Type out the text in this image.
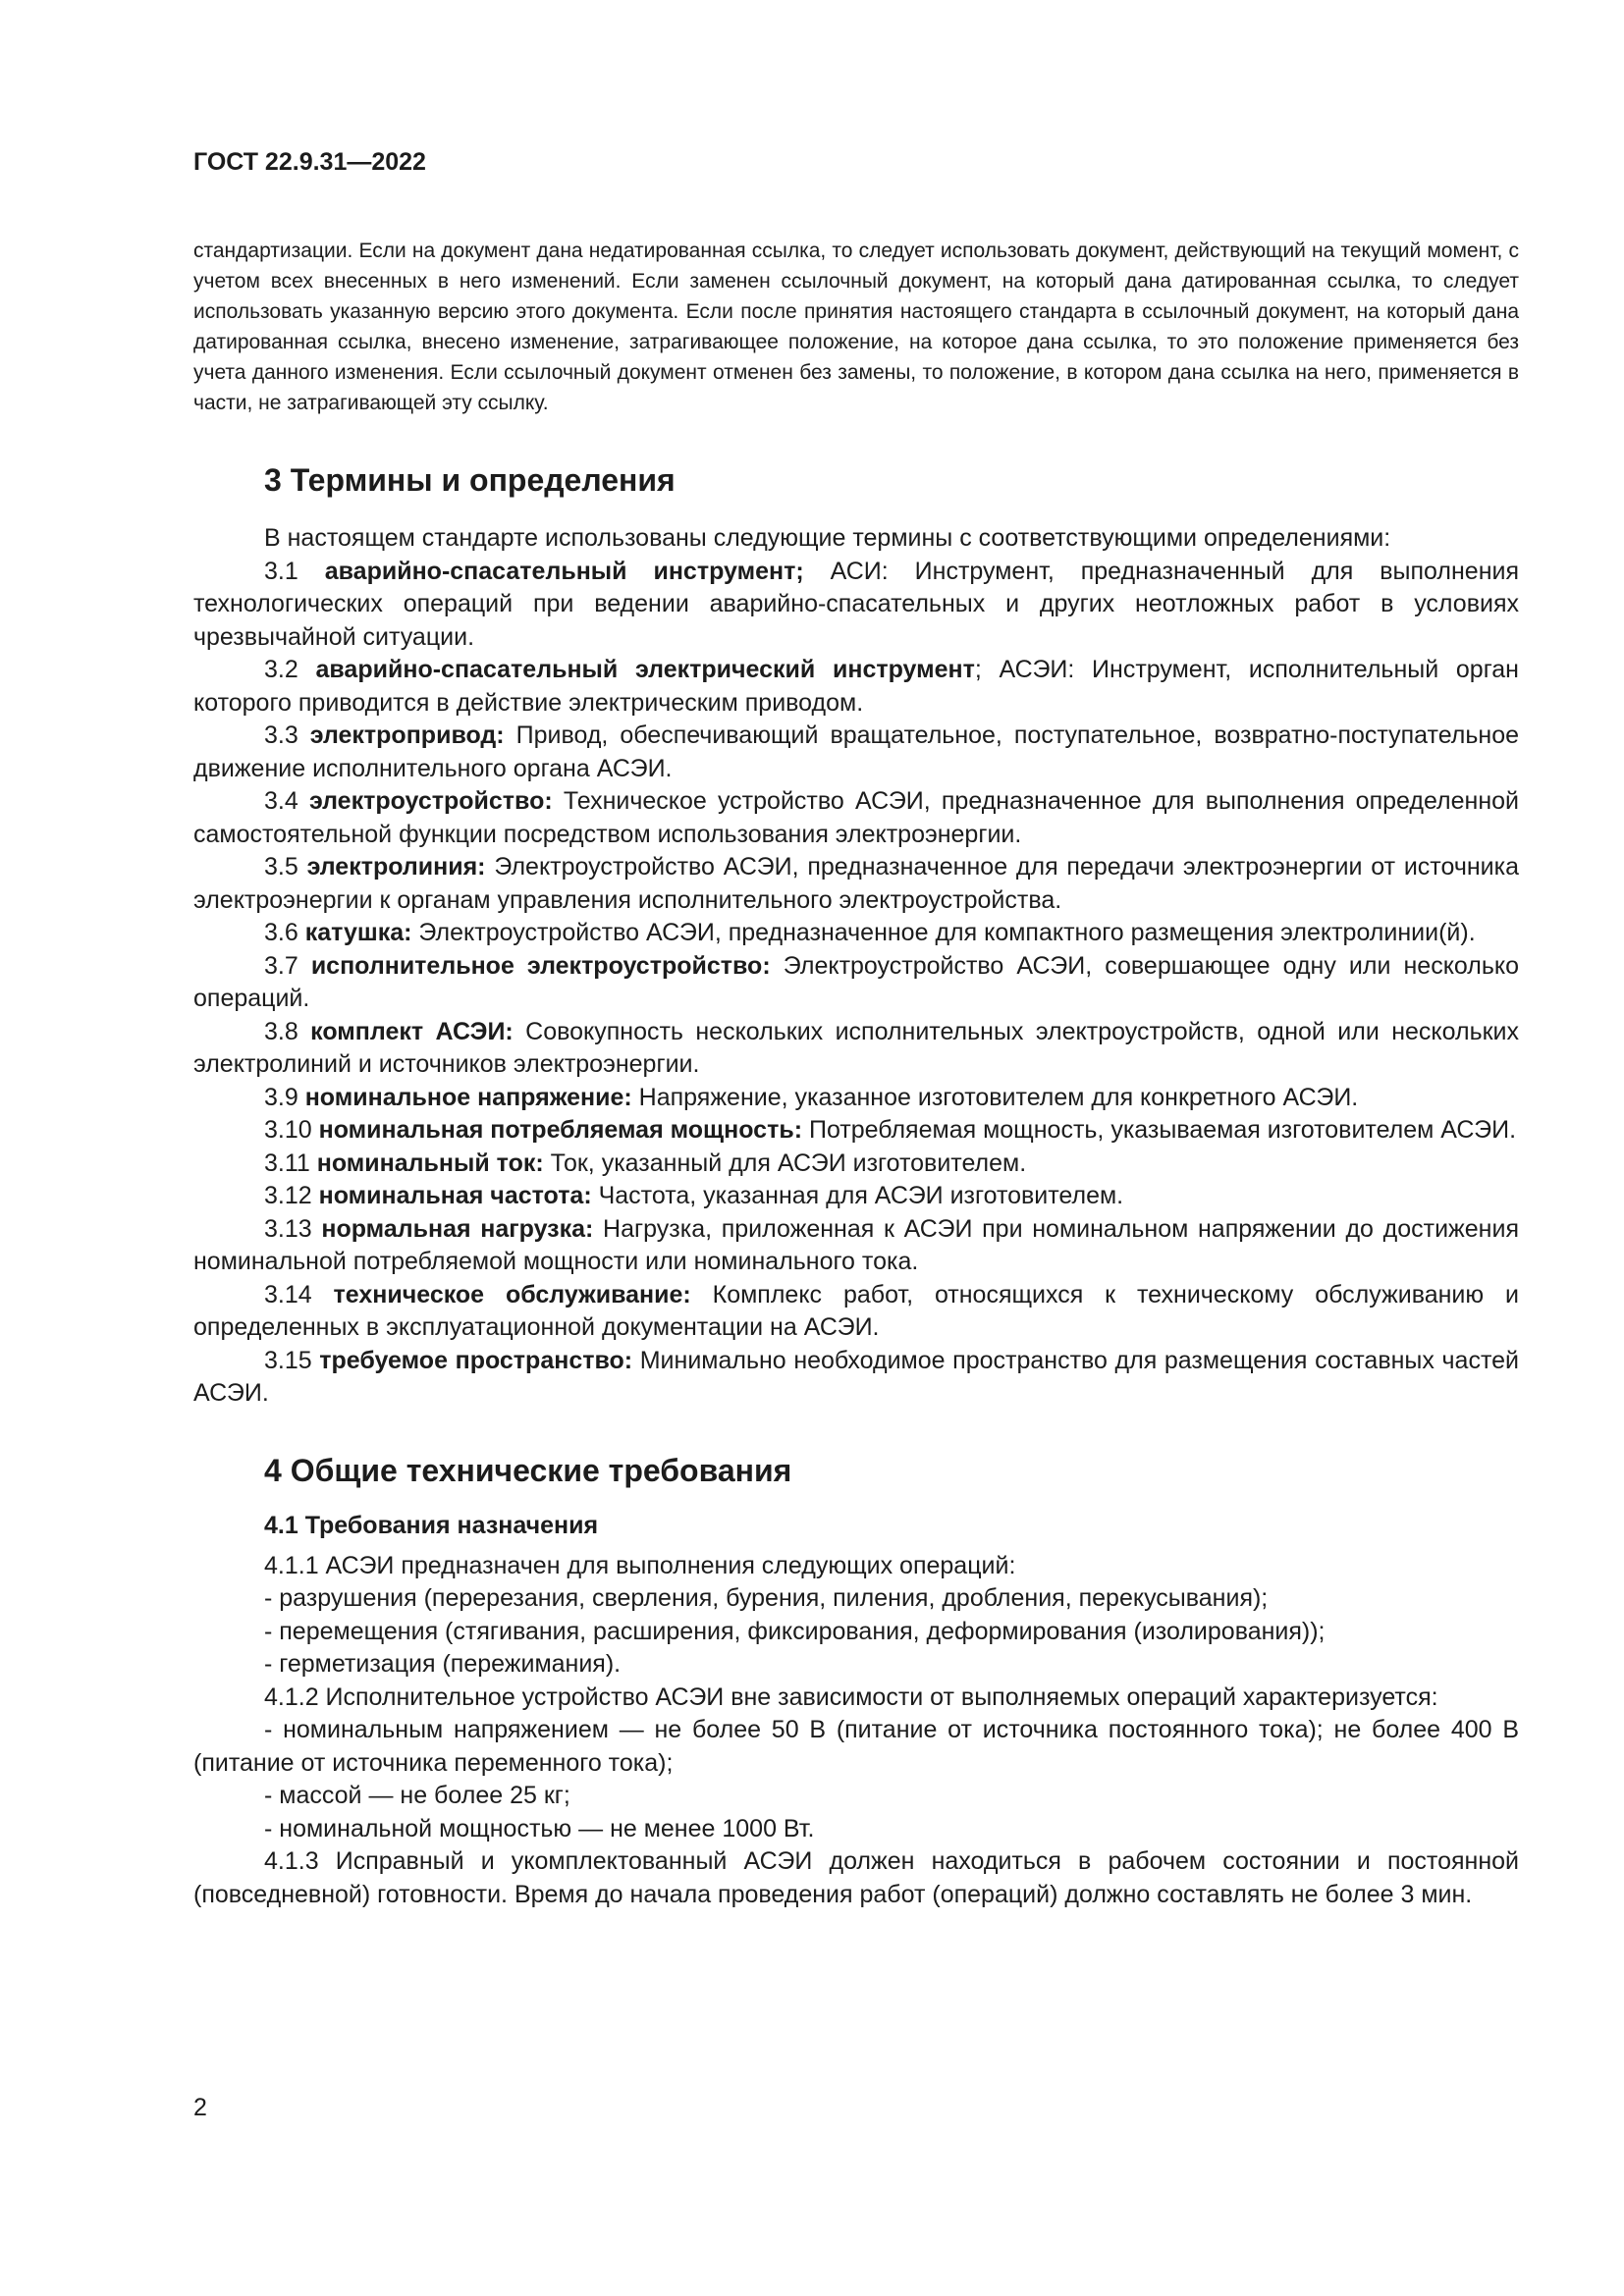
ГОСТ 22.9.31—2022

стандартизации. Если на документ дана недатированная ссылка, то следует использовать документ, действующий на текущий момент, с учетом всех внесенных в него изменений. Если заменен ссылочный документ, на который дана датированная ссылка, то следует использовать указанную версию этого документа. Если после принятия настоящего стандарта в ссылочный документ, на который дана датированная ссылка, внесено изменение, затрагивающее положение, на которое дана ссылка, то это положение применяется без учета данного изменения. Если ссылочный документ отменен без замены, то положение, в котором дана ссылка на него, применяется в части, не затрагивающей эту ссылку.

3 Термины и определения

В настоящем стандарте использованы следующие термины с соответствующими определениями:

3.1 аварийно-спасательный инструмент; АСИ: Инструмент, предназначенный для выполнения технологических операций при ведении аварийно-спасательных и других неотложных работ в условиях чрезвычайной ситуации.

3.2 аварийно-спасательный электрический инструмент; АСЭИ: Инструмент, исполнительный орган которого приводится в действие электрическим приводом.

3.3 электропривод: Привод, обеспечивающий вращательное, поступательное, возвратно-поступательное движение исполнительного органа АСЭИ.

3.4 электроустройство: Техническое устройство АСЭИ, предназначенное для выполнения определенной самостоятельной функции посредством использования электроэнергии.

3.5 электролиния: Электроустройство АСЭИ, предназначенное для передачи электроэнергии от источника электроэнергии к органам управления исполнительного электроустройства.

3.6 катушка: Электроустройство АСЭИ, предназначенное для компактного размещения электролинии(й).

3.7 исполнительное электроустройство: Электроустройство АСЭИ, совершающее одну или несколько операций.

3.8 комплект АСЭИ: Совокупность нескольких исполнительных электроустройств, одной или нескольких электролиний и источников электроэнергии.

3.9 номинальное напряжение: Напряжение, указанное изготовителем для конкретного АСЭИ.

3.10 номинальная потребляемая мощность: Потребляемая мощность, указываемая изготовителем АСЭИ.

3.11 номинальный ток: Ток, указанный для АСЭИ изготовителем.

3.12 номинальная частота: Частота, указанная для АСЭИ изготовителем.

3.13 нормальная нагрузка: Нагрузка, приложенная к АСЭИ при номинальном напряжении до достижения номинальной потребляемой мощности или номинального тока.

3.14 техническое обслуживание: Комплекс работ, относящихся к техническому обслуживанию и определенных в эксплуатационной документации на АСЭИ.

3.15 требуемое пространство: Минимально необходимое пространство для размещения составных частей АСЭИ.

4 Общие технические требования
4.1 Требования назначения

4.1.1 АСЭИ предназначен для выполнения следующих операций:

- разрушения (перерезания, сверления, бурения, пиления, дробления, перекусывания);

- перемещения (стягивания, расширения, фиксирования, деформирования (изолирования));

- герметизация (пережимания).

4.1.2 Исполнительное устройство АСЭИ вне зависимости от выполняемых операций характеризуется:

- номинальным напряжением — не более 50 В (питание от источника постоянного тока); не более 400 В (питание от источника переменного тока);

- массой — не более 25 кг;

- номинальной мощностью — не менее 1000 Вт.

4.1.3 Исправный и укомплектованный АСЭИ должен находиться в рабочем состоянии и постоянной (повседневной) готовности. Время до начала проведения работ (операций) должно составлять не более 3 мин.

2
